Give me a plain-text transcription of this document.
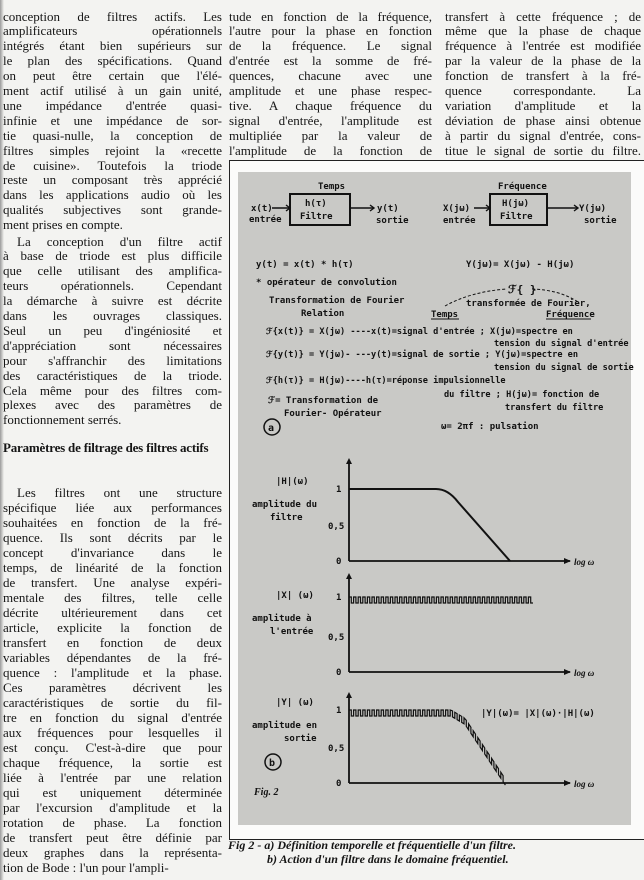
conception de filtres actifs. Les
amplificateurs opérationnels
intégrés étant bien supérieurs sur
le plan des spécifications. Quand
on peut être certain que l'élé-
ment actif utilisé à un gain unité,
une impédance d'entrée quasi-
infinie et une impédance de sor-
tie quasi-nulle, la conception de
filtres simples rejoint la «recette
de cuisine». Toutefois la triode
reste un composant très apprécié
dans les applications audio où les
qualités subjectives sont grande-
ment prises en compte.
La conception d'un filtre actif
à base de triode est plus difficile
que celle utilisant des amplifica-
teurs opérationnels. Cependant
la démarche à suivre est décrite
dans les ouvrages classiques.
Seul un peu d'ingéniosité et
d'appréciation sont nécessaires
pour s'affranchir des limitations
des caractéristiques de la triode.
Cela même pour des filtres com-
plexes avec des paramètres de
fonctionnement serrés.
Paramètres de filtrage des filtres actifs
Les filtres ont une structure
spécifique liée aux performances
souhaitées en fonction de la fré-
quence. Ils sont décrits par le
concept d'invariance dans le
temps, de linéarité de la fonction
de transfert. Une analyse expéri-
mentale des filtres, telle celle
décrite ultérieurement dans cet
article, explicite la fonction de
transfert en fonction de deux
variables dépendantes de la fré-
quence : l'amplitude et la phase.
Ces paramètres décrivent les
caractéristiques de sortie du fil-
tre en fonction du signal d'entrée
aux fréquences pour lesquelles il
est conçu. C'est-à-dire que pour
chaque fréquence, la sortie est
liée à l'entrée par une relation
qui est uniquement déterminée
par l'excursion d'amplitude et la
rotation de phase. La fonction
de transfert peut être définie par
deux graphes dans la représenta-
tion de Bode : l'un pour l'ampli-
tude en fonction de la fréquence,
l'autre pour la phase en fonction
de la fréquence. Le signal
d'entrée est la somme de fré-
quences, chacune avec une
amplitude et une phase respec-
tive. A chaque fréquence du
signal d'entrée, l'amplitude est
multipliée par la valeur de
l'amplitude de la fonction de
transfert à cette fréquence ; de
même que la phase de chaque
fréquence à l'entrée est modifiée
par la valeur de la phase de la
fonction de transfert à la fré-
quence correspondante. La
variation d'amplitude et la
déviation de phase ainsi obtenue
à partir du signal d'entrée, cons-
titue le signal de sortie du filtre.
Temps	Fréquence
h(τ)
Filtre
H(jω)
Filtre
x(t)
entrée
y(t)
sortie
X(jω)
entrée
Y(jω)
sortie
y(t) = x(t) * h(τ)	Y(jω)= X(jω) - H(jω)
* opérateur de convolution
Transformation de Fourier
Relation
ℱ{ }
transformée de Fourier,
Temps	Fréquence
ℱ{x(t)} = X(jω) ----x(t)=signal d'entrée ; X(jω)=spectre en
tension du signal d'entrée
ℱ{y(t)} = Y(jω)- ---y(t)=signal de sortie ; Y(jω)=spectre en
tension du signal de sortie
ℱ{h(τ)} = H(jω)----h(τ)=réponse impulsionnelle
du filtre ; H(jω)= fonction de
transfert du filtre
ℱ= Transformation de
Fourier- Opérateur
a	ω= 2πf : pulsation
1
0,5
0	log ω
|H|(ω)
amplitude du
filtre
1
0,5
0	log ω
|X| (ω)
amplitude à
l'entrée
1
0,5
0	log ω
|Y| (ω)
amplitude en
sortie
|Y|(ω)= |X|(ω)·|H|(ω)
b
Fig. 2
Fig 2 - a) Définition temporelle et fréquentielle d'un filtre.
b) Action d'un filtre dans le domaine fréquentiel.
